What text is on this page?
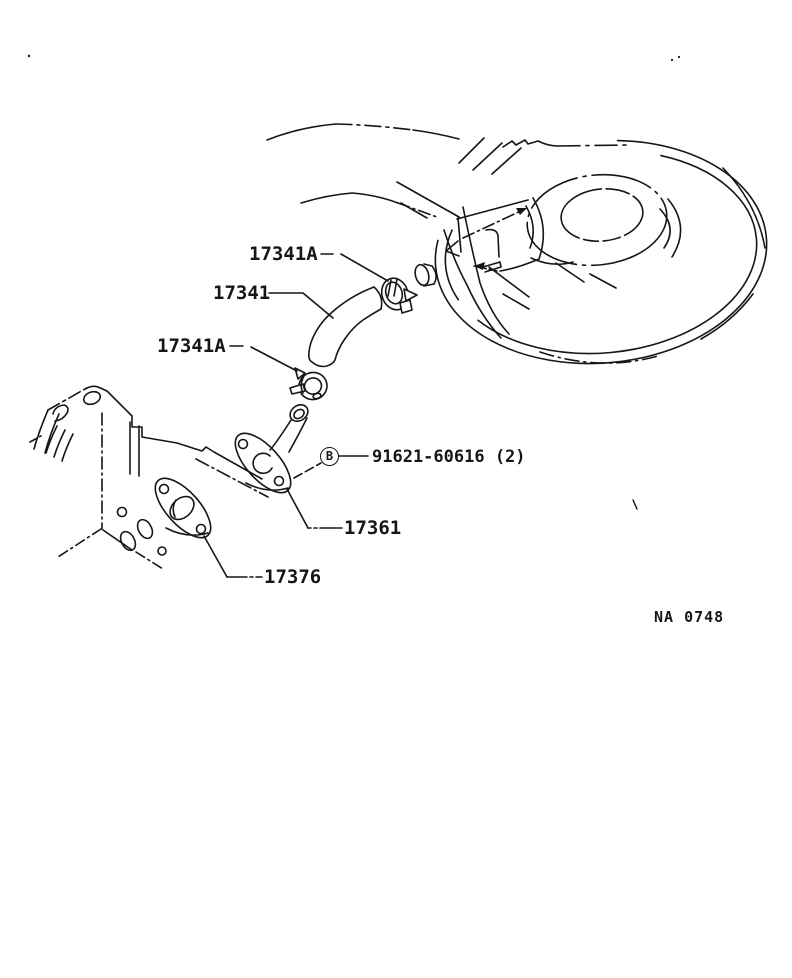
17341A
17341
17341A
B	91621-60616 (2)
17361
17376
NA 0748
